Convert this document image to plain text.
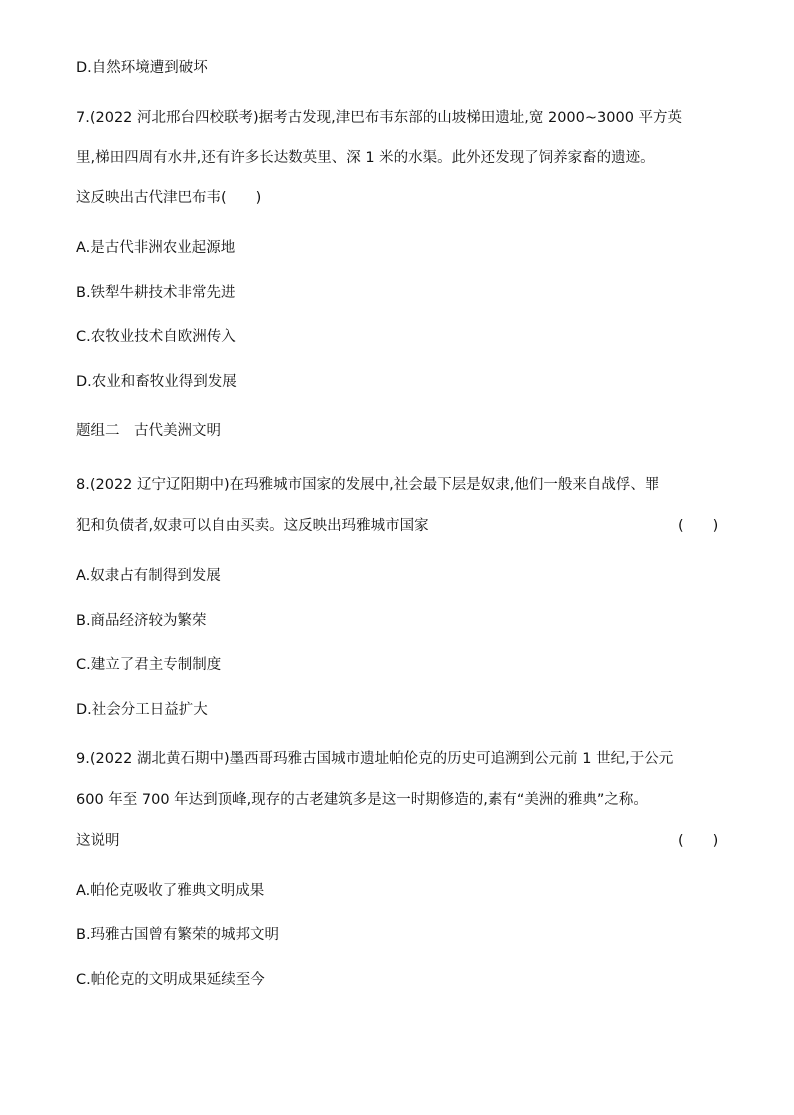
D.自然环境遭到破坏
7.(2022 河北邢台四校联考)据考古发现,津巴布韦东部的山坡梯田遗址,宽 2000~3000 平方英
里,梯田四周有水井,还有许多长达数英里、深 1 米的水渠。此外还发现了饲养家畜的遗迹。
这反映出古代津巴布韦(　　)
A.是古代非洲农业起源地
B.铁犁牛耕技术非常先进
C.农牧业技术自欧洲传入
D.农业和畜牧业得到发展
题组二　古代美洲文明
8.(2022 辽宁辽阳期中)在玛雅城市国家的发展中,社会最下层是奴隶,他们一般来自战俘、罪
犯和负债者,奴隶可以自由买卖。这反映出玛雅城市国家	(　　)
A.奴隶占有制得到发展
B.商品经济较为繁荣
C.建立了君主专制制度
D.社会分工日益扩大
9.(2022 湖北黄石期中)墨西哥玛雅古国城市遗址帕伦克的历史可追溯到公元前 1 世纪,于公元
600 年至 700 年达到顶峰,现存的古老建筑多是这一时期修造的,素有“美洲的雅典”之称。
这说明	(　　)
A.帕伦克吸收了雅典文明成果
B.玛雅古国曾有繁荣的城邦文明
C.帕伦克的文明成果延续至今
